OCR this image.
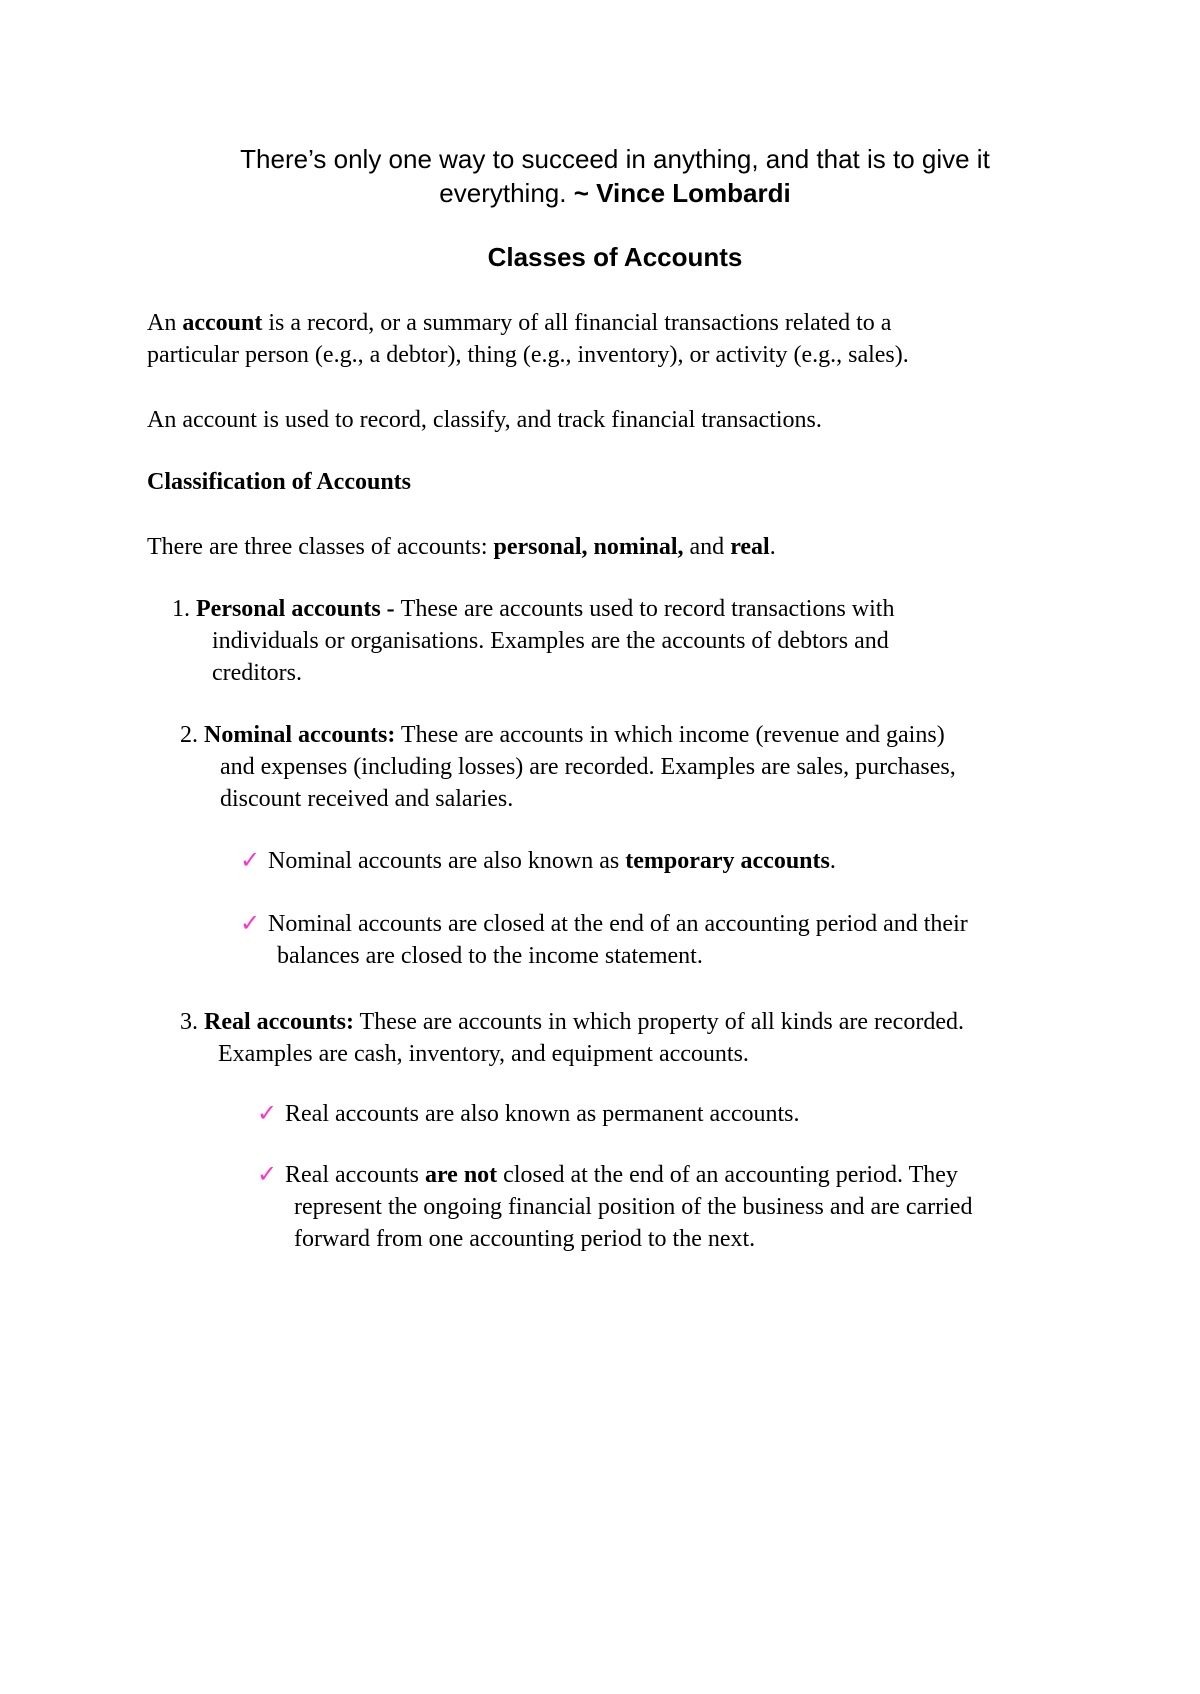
There’s only one way to succeed in anything, and that is to give it
everything. ~ Vince Lombardi

Classes of Accounts

An account is a record, or a summary of all financial transactions related to a
particular person (e.g., a debtor), thing (e.g., inventory), or activity (e.g., sales).

An account is used to record, classify, and track financial transactions.

Classification of Accounts

There are three classes of accounts: personal, nominal, and real.

1. Personal accounts - These are accounts used to record transactions with
individuals or organisations. Examples are the accounts of debtors and
creditors.
2. Nominal accounts: These are accounts in which income (revenue and gains)
and expenses (including losses) are recorded. Examples are sales, purchases,
discount received and salaries.
✓ Nominal accounts are also known as temporary accounts.
✓ Nominal accounts are closed at the end of an accounting period and their
balances are closed to the income statement.
3. Real accounts: These are accounts in which property of all kinds are recorded.
Examples are cash, inventory, and equipment accounts.
✓ Real accounts are also known as permanent accounts.
✓ Real accounts are not closed at the end of an accounting period. They
represent the ongoing financial position of the business and are carried
forward from one accounting period to the next.
